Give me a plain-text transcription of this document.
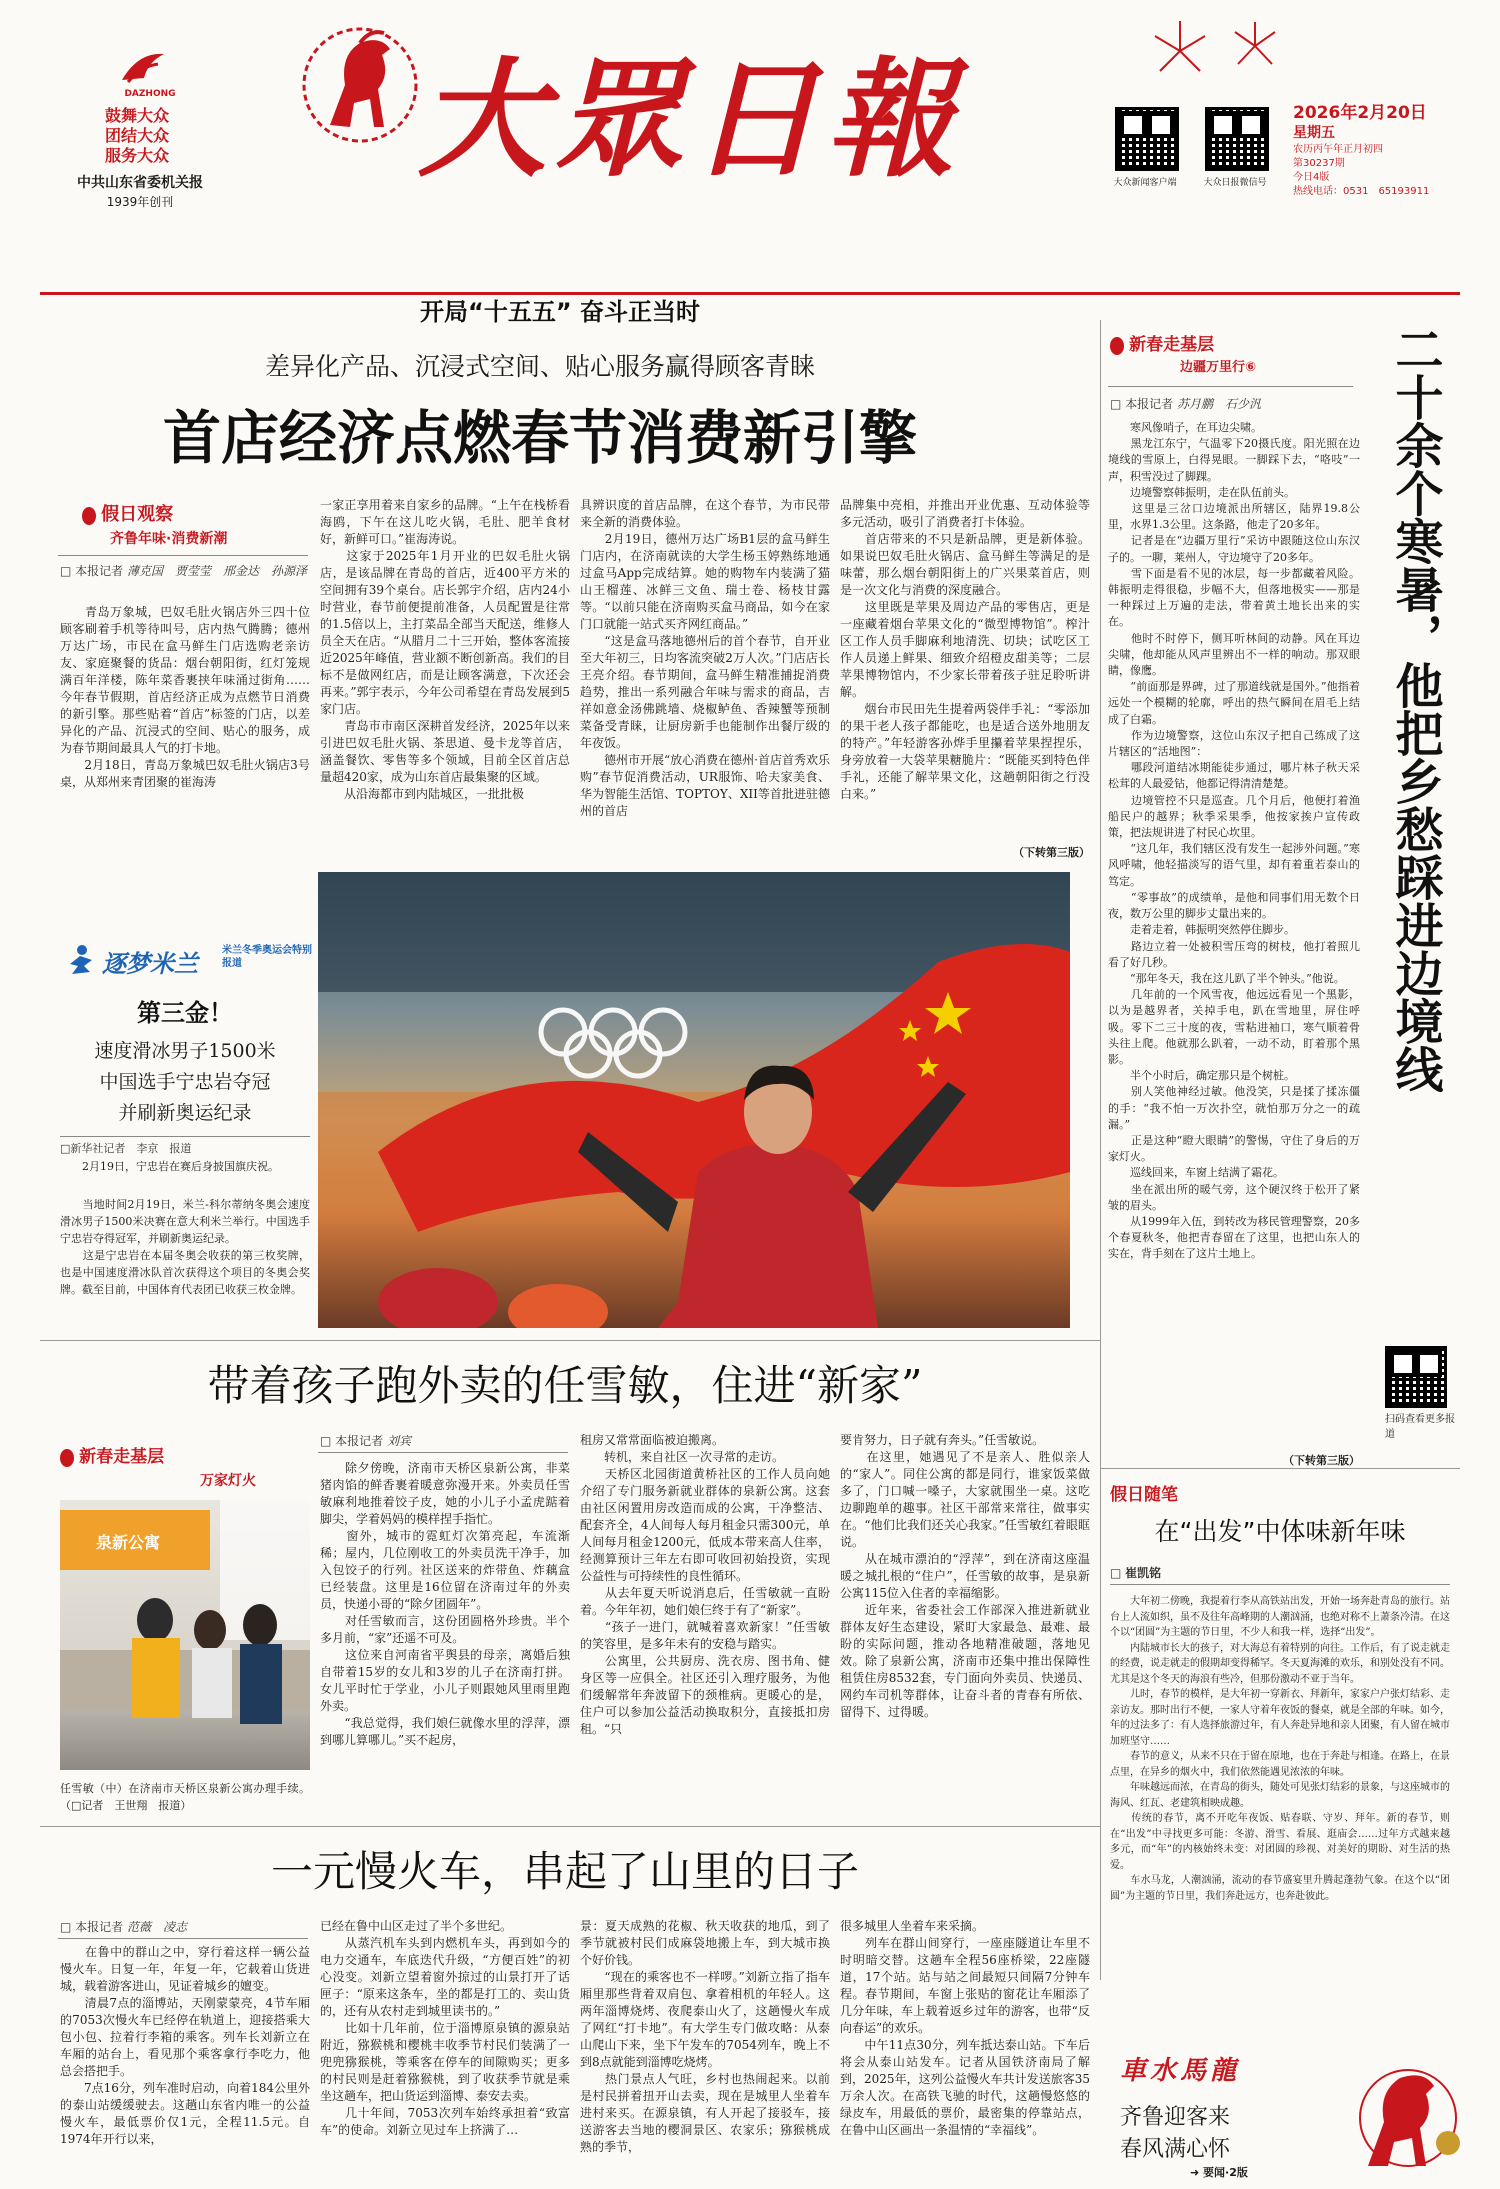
DAZHONG
鼓舞大众
团结大众
服务大众
中共山东省委机关报
1939年创刊
大眾日報	大众新闻客户端	大众日报微信号
2026年2月20日
星期五
农历丙午年正月初四
第30237期
今日4版
热线电话：0531　65193911
开局“十五五” 奋斗正当时
差异化产品、沉浸式空间、贴心服务赢得顾客青睐
首店经济点燃春节消费新引擎
假日观察
齐鲁年味·消费新潮
□ 本报记者 薄克国　贾莹莹　邢金达　孙源泽
　　青岛万象城，巴奴毛肚火锅店外三四十位顾客刷着手机等待叫号，店内热气腾腾；德州万达广场，市民在盒马鲜生门店选购老亲访友、家庭聚餐的货品：烟台朝阳街，红灯笼规满百年洋楼，陈年菜香裹挟年味涌过街角……今年春节假期，首店经济正成为点燃节日消费的新引擎。那些贴着“首店”标签的门店，以差异化的产品、沉浸式的空间、贴心的服务，成为春节期间最具人气的打卡地。
　　2月18日，青岛万象城巴奴毛肚火锅店3号桌，从郑州来青团聚的崔海涛
一家正享用着来自家乡的品牌。“上午在栈桥看海鸥，下午在这儿吃火锅，毛肚、肥羊食材好，新鲜可口。”崔海涛说。
　　这家于2025年1月开业的巴奴毛肚火锅店，是该品牌在青岛的首店，近400平方米的空间拥有39个桌台。店长郭宇介绍，店内24小时营业，春节前便提前准备，人员配置是往常的1.5倍以上，主打菜品全部当天配送，维修人员全天在店。“从腊月二十三开始，整体客流接近2025年峰值，营业额不断创新高。我们的目标不是做网红店，而是让顾客满意，下次还会再来。”郭宇表示，今年公司希望在青岛发展到5家门店。
　　青岛市市南区深耕首发经济，2025年以来引进巴奴毛肚火锅、茶思道、曼卡龙等首店，涵盖餐饮、零售等多个领域，目前全区首店总量超420家，成为山东首店最集聚的区域。
　　从沿海都市到内陆城区，一批批极
具辨识度的首店品牌，在这个春节，为市民带来全新的消费体验。
　　2月19日，德州万达广场B1层的盒马鲜生门店内，在济南就读的大学生杨玉婷熟练地通过盒马App完成结算。她的购物车内装满了猫山王榴莲、冰鲜三文鱼、瑞士卷、杨枝甘露等。“以前只能在济南购买盒马商品，如今在家门口就能一站式买齐网红商品。”
　　“这是盒马落地德州后的首个春节，自开业至大年初三，日均客流突破2万人次。”门店店长王亮介绍。春节期间，盒马鲜生精准捕捉消费趋势，推出一系列融合年味与需求的商品，吉祥如意金汤佛跳墙、烧椒鲈鱼、香辣蟹等预制菜备受青睐，让厨房新手也能制作出餐厅级的年夜饭。
　　德州市开展“放心消费在德州·首店首秀欢乐购”春节促消费活动，UR服饰、哈夫家美食、华为智能生活馆、TOPTOY、XII等首批进驻德州的首店
品牌集中亮相，并推出开业优惠、互动体验等多元活动，吸引了消费者打卡体验。
　　首店带来的不只是新品牌，更是新体验。如果说巴奴毛肚火锅店、盒马鲜生等满足的是味蕾，那么烟台朝阳街上的广兴果菜首店，则是一次文化与消费的深度融合。
　　这里既是苹果及周边产品的零售店，更是一座藏着烟台苹果文化的“微型博物馆”。榨汁区工作人员手脚麻利地清洗、切块；试吃区工作人员递上鲜果、细致介绍橙皮甜美等；二层苹果博物馆内，不少家长带着孩子驻足聆听讲解。
　　烟台市民田先生提着两袋伴手礼：“零添加的果干老人孩子都能吃，也是适合送外地朋友的特产。”年轻游客孙烨手里攥着苹果捏捏乐，身旁放着一大袋苹果糖脆片：“既能买到特色伴手礼，还能了解苹果文化，这趟朝阳街之行没白来。”
（下转第三版）
逐梦米兰 米兰冬季奥运会特别报道
第三金！
速度滑冰男子1500米
中国选手宁忠岩夺冠
并刷新奥运纪录
□新华社记者　李京　报道
　　2月19日，宁忠岩在赛后身披国旗庆祝。
　　当地时间2月19日，米兰-科尔蒂纳冬奥会速度滑冰男子1500米决赛在意大利米兰举行。中国选手宁忠岩夺得冠军，并刷新奥运纪录。
　　这是宁忠岩在本届冬奥会收获的第三枚奖牌，也是中国速度滑冰队首次获得这个项目的冬奥会奖牌。截至目前，中国体育代表团已收获三枚金牌。
新春走基层
边疆万里行⑥
□ 本报记者 苏月鹏　石少汎	二十余个寒暑，他把乡愁踩进边境线
　　寒风像哨子，在耳边尖啸。
　　黑龙江东宁，气温零下20摄氏度。阳光照在边境线的雪原上，白得晃眼。一脚踩下去，“咯吱”一声，积雪没过了脚踝。
　　边境警察韩振明，走在队伍前头。
　　这里是三岔口边境派出所辖区，陆界19.8公里，水界1.3公里。这条路，他走了20多年。
　　记者是在“边疆万里行”采访中跟随这位山东汉子的。一聊，莱州人，守边境守了20多年。
　　雪下面是看不见的冰层，每一步都藏着风险。韩振明走得很稳，步幅不大，但落地极实——那是一种踩过上万遍的走法，带着黄土地长出来的实在。
　　他时不时停下，侧耳听林间的动静。风在耳边尖啸，他却能从风声里辨出不一样的响动。那双眼睛，像鹰。
　　“前面那是界碑，过了那道线就是国外。”他指着远处一个模糊的轮廓，呼出的热气瞬间在眉毛上结成了白霜。
　　作为边境警察，这位山东汉子把自己练成了这片辖区的“活地图”：
　　哪段河道结冰期能徒步通过，哪片林子秋天采松茸的人最爱钻，他都记得清清楚楚。
　　边境管控不只是巡查。几个月后，他便打着渔船民户的越界；秋季采果季，他按家挨户宣传政策，把法规讲进了村民心坎里。
　　“这几年，我们辖区没有发生一起涉外问题。”寒风呼啸，他轻描淡写的语气里，却有着重若泰山的笃定。
　　“零事故”的成绩单，是他和同事们用无数个日夜，数万公里的脚步丈量出来的。
　　走着走着，韩振明突然停住脚步。
　　路边立着一处被积雪压弯的树枝，他打着照儿看了好几秒。
　　“那年冬天，我在这儿趴了半个钟头。”他说。
　　几年前的一个风雪夜，他远远看见一个黑影，以为是越界者，关掉手电，趴在雪地里，屏住呼吸。零下二三十度的夜，雪粘进袖口，寒气顺着骨头往上爬。他就那么趴着，一动不动，盯着那个黑影。
　　半个小时后，确定那只是个树桩。
　　别人笑他神经过敏。他没笑，只是揉了揉冻僵的手：“我不怕一万次扑空，就怕那万分之一的疏漏。”
　　正是这种“瞪大眼睛”的警惕，守住了身后的万家灯火。
　　巡线回来，车窗上结满了霜花。
　　坐在派出所的暖气旁，这个硬汉终于松开了紧皱的眉头。
　　从1999年入伍，到转改为移民管理警察，20多个春夏秋冬，他把青春留在了这里，也把山东人的实在，背手刻在了这片土地上。
（下转第三版）
扫码查看更多报道
假日随笔
在“出发”中体味新年味
□ 崔凯铭
　　大年初二傍晚，我提着行李从高铁站出发，开始一场奔赴青岛的旅行。站台上人流如织，虽不及往年高峰期的人潮汹涌，也绝对称不上萧条冷清。在这个以“团圆”为主题的节日里，不少人和我一样，选择“出发”。
　　内陆城市长大的孩子，对大海总有着特别的向往。工作后，有了说走就走的经费，说走就走的假期却变得稀罕。冬天夏海滩的欢乐，和别处没有不同。尤其是这个冬天的海浪有些冷，但那份激动不亚于当年。
　　儿时，春节的模样，是大年初一穿新衣、拜新年，家家户户张灯结彩、走亲访友。那时出行不便，一家人守着年夜饭的餐桌，就是全部的年味。如今，年的过法多了：有人选择旅游过年，有人奔赴异地和亲人团聚，有人留在城市加班坚守……
　　春节的意义，从来不只在于留在原地，也在于奔赴与相逢。在路上，在景点里，在异乡的烟火中，我们依然能遇见浓浓的年味。
　　年味越远而浓，在青岛的街头，随处可见张灯结彩的景象，与这座城市的海风、红瓦、老建筑相映成趣。
　　传统的春节，离不开吃年夜饭、贴春联、守岁、拜年。新的春节，则在“出发”中寻找更多可能：冬游、滑雪、看展、逛庙会……过年方式越来越多元，而“年”的内核始终未变：对团圆的珍视、对美好的期盼、对生活的热爱。
　　车水马龙，人潮汹涌，流动的春节盛宴里升腾起蓬勃气象。在这个以“团圆”为主题的节日里，我们奔赴远方，也奔赴彼此。
車水馬龍
齐鲁迎客来
春风满心怀
➜ 要闻·2版
带着孩子跑外卖的任雪敏，住进“新家”
新春走基层
万家灯火
泉新公寓
任雪敏（中）在济南市天桥区泉新公寓办理手续。（□记者　王世翔　报道）
□ 本报记者 刘宾
　　除夕傍晚，济南市天桥区泉新公寓，非菜猪肉馅的鲜香裹着暖意弥漫开来。外卖员任雪敏麻利地推着饺子皮，她的小儿子小孟虎踮着脚尖，学着妈妈的模样捏手指忙。
　　窗外，城市的霓虹灯次第亮起，车流渐稀；屋内，几位刚收工的外卖员洗干净手，加入包饺子的行列。社区送来的炸带鱼、炸藕盒已经装盘。这里是16位留在济南过年的外卖员，快递小哥的“除夕团圆年”。
　　对任雪敏而言，这份团圆格外珍贵。半个多月前，“家”还遥不可及。
　　这位来自河南省平舆县的母亲，离婚后独自带着15岁的女儿和3岁的儿子在济南打拼。女儿平时忙于学业，小儿子则跟她风里雨里跑外卖。
　　“我总觉得，我们娘仨就像水里的浮萍，漂到哪儿算哪儿。”买不起房，
租房又常常面临被迫搬离。
　　转机，来自社区一次寻常的走访。
　　天桥区北园街道黄桥社区的工作人员向她介绍了专门服务新就业群体的泉新公寓。这套由社区闲置用房改造而成的公寓，干净整洁、配套齐全，4人间每人每月租金只需300元，单人间每月租金1200元，低成本带来高人住率，经测算预计三年左右即可收回初始投资，实现公益性与可持续性的良性循环。
　　从去年夏天听说消息后，任雪敏就一直盼着。今年年初，她们娘仨终于有了“新家”。
　　“孩子一进门，就喊着喜欢新家！”任雪敏的笑容里，是多年未有的安稳与踏实。
　　公寓里，公共厨房、洗衣房、图书角、健身区等一应俱全。社区还引入理疗服务，为他们缓解常年奔波留下的颈椎病。更暖心的是，住户可以参加公益活动换取积分，直接抵扣房租。“只
要肯努力，日子就有奔头。”任雪敏说。
　　在这里，她遇见了不是亲人、胜似亲人的“家人”。同住公寓的都是同行，谁家饭菜做多了，门口喊一嗓子，大家就围坐一桌。这吃边聊跑单的趣事。社区干部常来常往，做事实在。“他们比我们还关心我家。”任雪敏红着眼眶说。
　　从在城市漂泊的“浮萍”，到在济南这座温暖之城扎根的“住户”，任雪敏的故事，是泉新公寓115位入住者的幸福缩影。
　　近年来，省委社会工作部深入推进新就业群体友好生态建设，紧盯大家最急、最难、最盼的实际问题，推动各地精准破题，落地见效。除了泉新公寓，济南市还集中推出保障性租赁住房8532套，专门面向外卖员、快递员、网约车司机等群体，让奋斗者的青春有所依、留得下、过得暖。
一元慢火车，串起了山里的日子
□ 本报记者 范薇　凌志
　　在鲁中的群山之中，穿行着这样一辆公益慢火车。日复一年，年复一年，它载着山货进城，载着游客进山，见证着城乡的嬗变。
　　清晨7点的淄博站，天刚蒙蒙亮，4节车厢的7053次慢火车已经停在轨道上，迎接搭乘大包小包、拉着行李箱的乘客。列车长刘新立在车厢的站台上，看见那个乘客拿行李吃力，他总会搭把手。
　　7点16分，列车准时启动，向着184公里外的泰山站缓缓驶去。这趟山东省内唯一的公益慢火车，最低票价仅1元，全程11.5元。自1974年开行以来，
已经在鲁中山区走过了半个多世纪。
　　从蒸汽机车头到内燃机车头，再到如今的电力交通车，车底迭代升级，“方便百姓”的初心没变。刘新立望着窗外掠过的山景打开了话匣子：“原来这条车，坐的都是打工的、卖山货的，还有从农村走到城里读书的。”
　　比如十几年前，位于淄博原泉镇的源泉站附近，猕猴桃和樱桃丰收季节村民们装满了一兜兜猕猴桃，等乘客在停车的间隙购买；更多的村民则是赶着猕猴桃，到了收获季节就是乘坐这趟车，把山货运到淄博、泰安去卖。
　　几十年间，7053次列车始终承担着“致富车”的使命。刘新立见过车上挤满了…
景：夏天成熟的花椒、秋天收获的地瓜，到了季节就被村民们成麻袋地搬上车，到大城市换个好价钱。
　　“现在的乘客也不一样啰。”刘新立指了指车厢里那些背着双肩包、拿着相机的年轻人。这两年淄博烧烤、夜爬泰山火了，这趟慢火车成了网红“打卡地”。有大学生专门做攻略：从泰山爬山下来，坐下午发车的7054列车，晚上不到8点就能到淄博吃烧烤。
　　热门景点人气旺，乡村也热闹起来。以前是村民拼着扭开山去卖，现在是城里人坐着车进村来买。在源泉镇，有人开起了接驳车，接送游客去当地的樱洞景区、农家乐；猕猴桃成熟的季节，
很多城里人坐着车来采摘。
　　列车在群山间穿行，一座座隧道让车里不时明暗交替。这趟车全程56座桥梁，22座隧道，17个站。站与站之间最短只间隔7分钟车程。春节期间，车窗上张贴的窗花让车厢添了几分年味，车上载着返乡过年的游客，也带“反向春运”的欢乐。
　　中午11点30分，列车抵达泰山站。下车后将会从泰山站发车。记者从国铁济南局了解到，2025年，这列公益慢火车共计发送旅客35万余人次。在高铁飞驰的时代，这趟慢悠悠的绿皮车，用最低的票价，最密集的停靠站点，在鲁中山区画出一条温情的“幸福线”。
